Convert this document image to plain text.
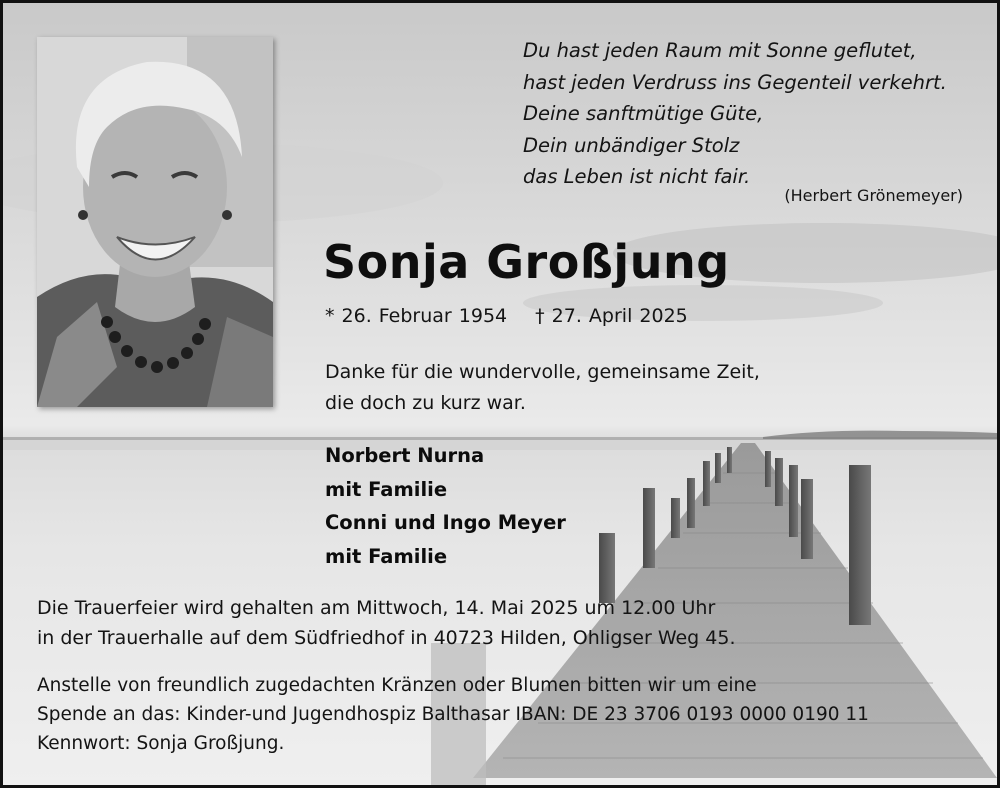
Du hast jeden Raum mit Sonne geflutet,
hast jeden Verdruss ins Gegenteil verkehrt.
Deine sanftmütige Güte,
Dein unbändiger Stolz
das Leben ist nicht fair.
(Herbert Grönemeyer)
Sonja Großjung
* 26. Februar 1954 † 27. April 2025
Danke für die wundervolle, gemeinsame Zeit,
die doch zu kurz war.
Norbert Nurna
mit Familie
Conni und Ingo Meyer
mit Familie
Die Trauerfeier wird gehalten am Mittwoch, 14. Mai 2025 um 12.00 Uhr
in der Trauerhalle auf dem Südfriedhof in 40723 Hilden, Ohligser Weg 45.
Anstelle von freundlich zugedachten Kränzen oder Blumen bitten wir um eine
Spende an das: Kinder-und Jugendhospiz Balthasar IBAN: DE 23 3706 0193 0000 0190 11
Kennwort: Sonja Großjung.
